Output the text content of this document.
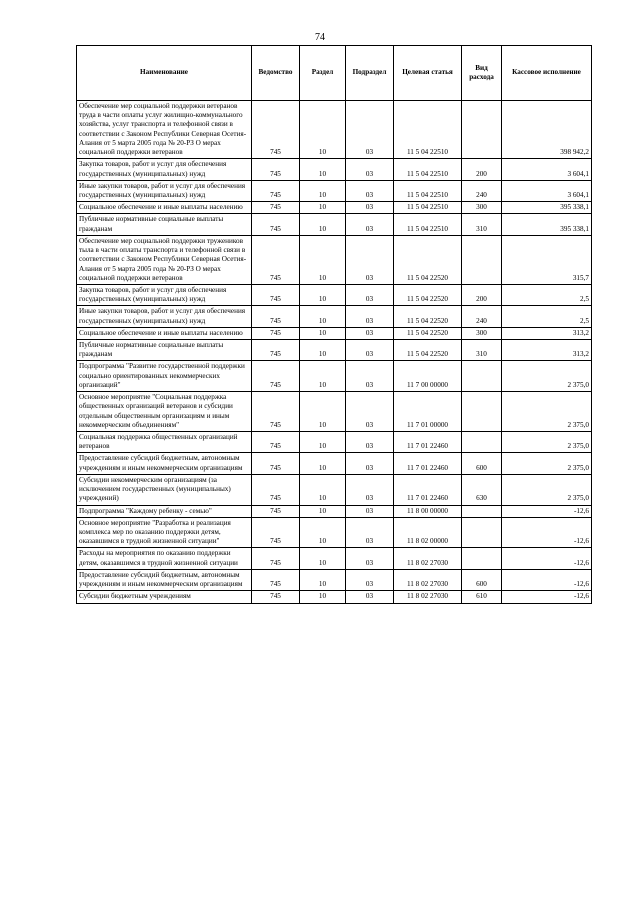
74
Наименование	Ведомство	Раздел	Подраздел	Целевая статья	Вид расхода	Кассовое исполнение
Обеспечение мер социальной поддержки ветеранов труда в части оплаты услуг жилищно-коммунального хозяйства, услуг транспорта и телефонной связи в соответствии с Законом Республики Северная Осетия-Алания от 5 марта 2005 года № 20-РЗ О мерах социальной поддержки ветеранов	745	10	03	11 5 04 22510		398 942,2
Закупка товаров, работ и услуг для обеспечения государственных (муниципальных) нужд	745	10	03	11 5 04 22510	200	3 604,1
Иные закупки товаров, работ и услуг для обеспечения государственных (муниципальных) нужд	745	10	03	11 5 04 22510	240	3 604,1
Социальное обеспечение и иные выплаты населению	745	10	03	11 5 04 22510	300	395 338,1
Публичные нормативные социальные выплаты гражданам	745	10	03	11 5 04 22510	310	395 338,1
Обеспечение мер социальной поддержки тружеников тыла в части оплаты транспорта и телефонной связи в соответствии с Законом Республики Северная Осетия-Алания от 5 марта 2005 года № 20-РЗ О мерах социальной поддержки ветеранов	745	10	03	11 5 04 22520		315,7
Закупка товаров, работ и услуг для обеспечения государственных (муниципальных) нужд	745	10	03	11 5 04 22520	200	2,5
Иные закупки товаров, работ и услуг для обеспечения государственных (муниципальных) нужд	745	10	03	11 5 04 22520	240	2,5
Социальное обеспечение и иные выплаты населению	745	10	03	11 5 04 22520	300	313,2
Публичные нормативные социальные выплаты гражданам	745	10	03	11 5 04 22520	310	313,2
Подпрограмма "Развитие государственной поддержки социально ориентированных некоммерческих организаций"	745	10	03	11 7 00 00000		2 375,0
Основное мероприятие "Социальная поддержка общественных организаций ветеранов и субсидии отдельным общественным организациям и иным некоммерческим объединениям"	745	10	03	11 7 01 00000		2 375,0
Социальная поддержка общественных организаций ветеранов	745	10	03	11 7 01 22460		2 375,0
Предоставление субсидий бюджетным, автономным учреждениям и иным некоммерческим организациям	745	10	03	11 7 01 22460	600	2 375,0
Субсидии некоммерческим организациям (за исключением государственных (муниципальных) учреждений)	745	10	03	11 7 01 22460	630	2 375,0
Подпрограмма "Каждому ребенку - семью"	745	10	03	11 8 00 00000		-12,6
Основное мероприятие "Разработка и реализация комплекса мер по оказанию поддержки детям, оказавшимся в трудной жизненной ситуации"	745	10	03	11 8 02 00000		-12,6
Расходы на мероприятия по оказанию поддержки детям, оказавшимся в трудной жизненной ситуации	745	10	03	11 8 02 27030		-12,6
Предоставление субсидий бюджетным, автономным учреждениям и иным некоммерческим организациям	745	10	03	11 8 02 27030	600	-12,6
Субсидии бюджетным учреждениям	745	10	03	11 8 02 27030	610	-12,6
